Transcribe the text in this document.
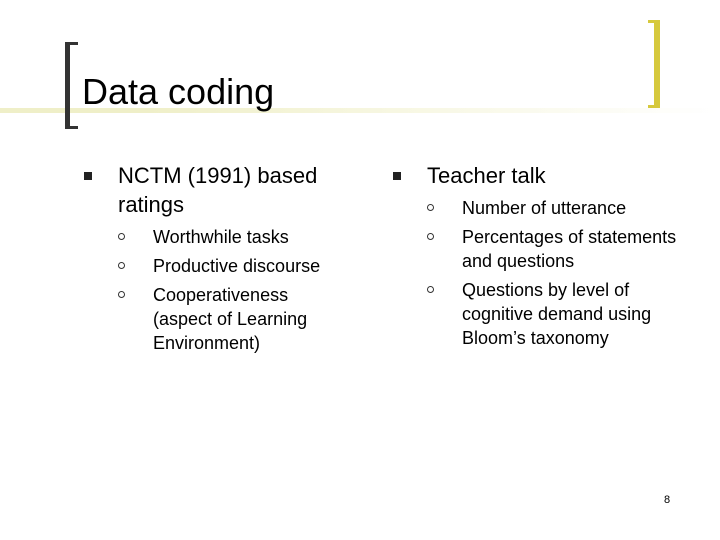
Data coding
NCTM (1991) based ratings
Worthwhile tasks
Productive discourse
Cooperativeness (aspect of Learning Environment)
Teacher talk
Number of utterance
Percentages of statements and questions
Questions by level of cognitive demand using Bloom’s taxonomy
8
